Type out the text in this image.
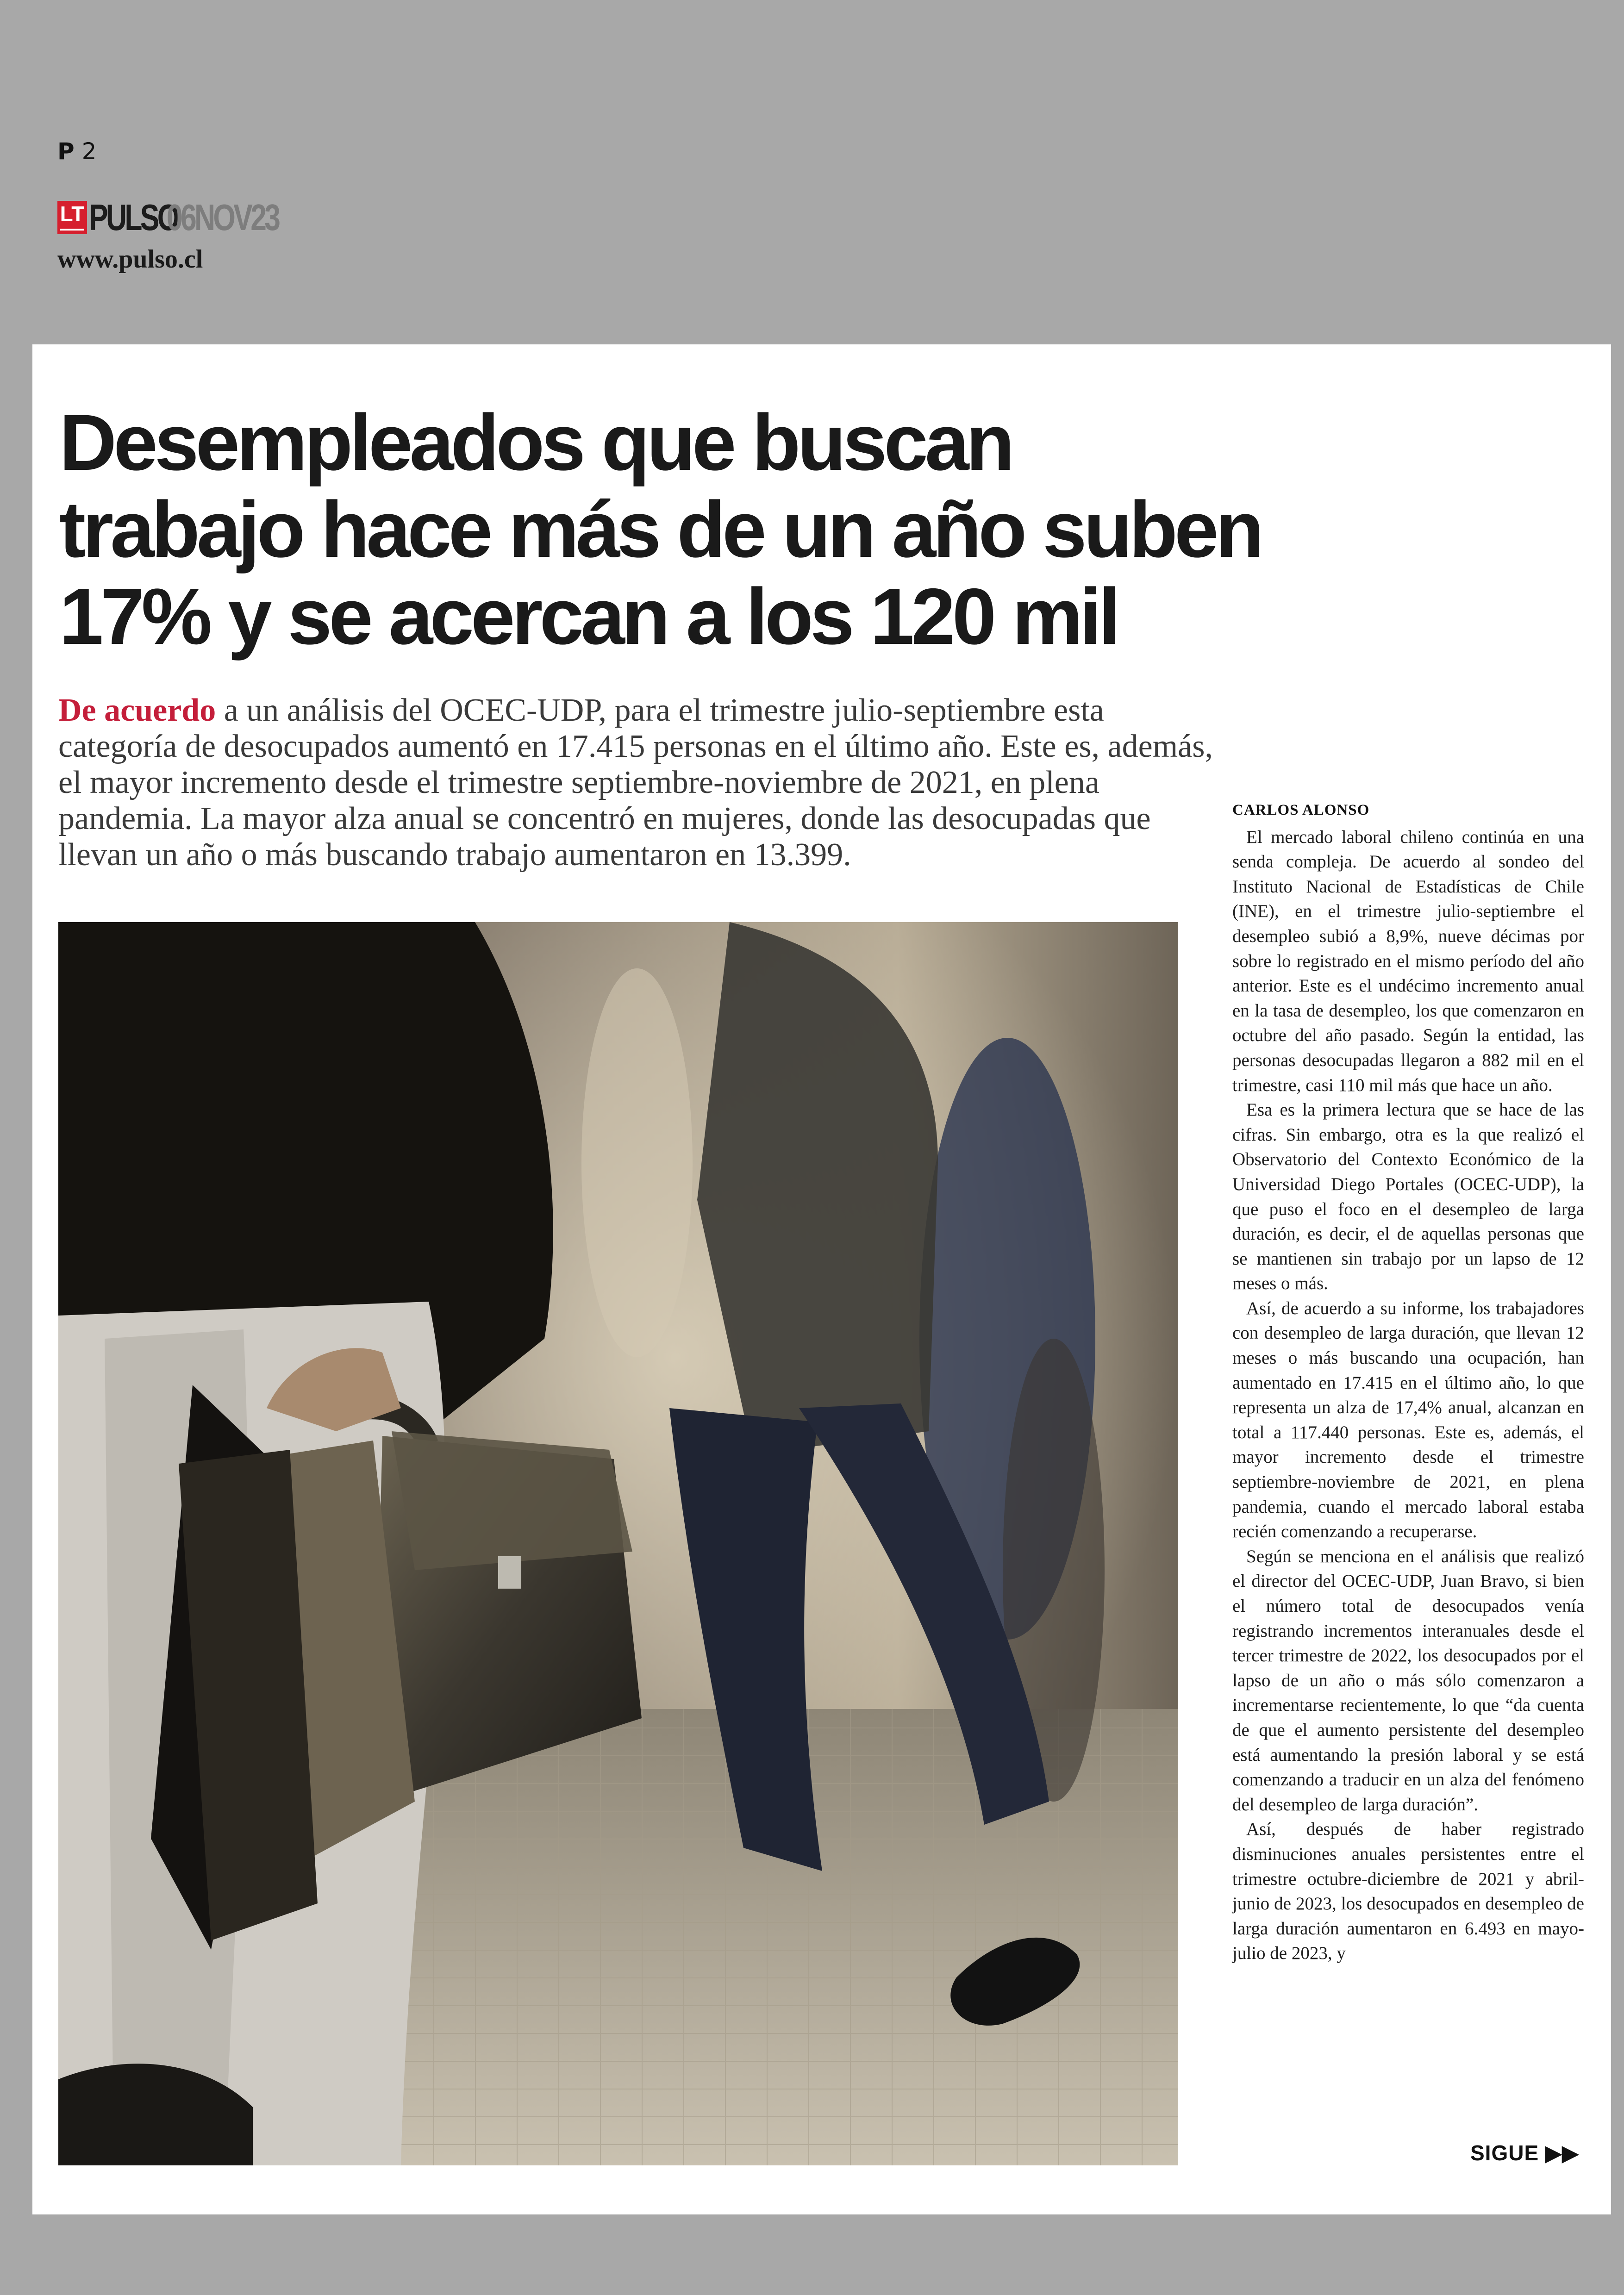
P 2
LT PULSO
06NOV23
www.pulso.cl
Desempleados que buscan trabajo hace más de un año suben 17% y se acercan a los 120 mil

De acuerdo a un análisis del OCEC-UDP, para el trimestre julio-septiembre esta categoría de desocupados aumentó en 17.415 personas en el último año. Este es, además, el mayor incremento desde el trimestre septiembre-noviembre de 2021, en plena pandemia. La mayor alza anual se concentró en mujeres, donde las desocupadas que llevan un año o más buscando trabajo aumentaron en 13.399.

CARLOS ALONSO

El mercado laboral chileno continúa en una senda compleja. De acuerdo al sondeo del Instituto Nacional de Estadísticas de Chile (INE), en el trimestre julio-septiembre el desempleo subió a 8,9%, nueve décimas por sobre lo registrado en el mismo período del año anterior. Este es el undécimo incremento anual en la tasa de desempleo, los que comenzaron en octubre del año pasado. Según la entidad, las personas desocupadas llegaron a 882 mil en el trimestre, casi 110 mil más que hace un año.

Esa es la primera lectura que se hace de las cifras. Sin embargo, otra es la que realizó el Observatorio del Contexto Económico de la Universidad Diego Portales (OCEC-UDP), la que puso el foco en el desempleo de larga duración, es decir, el de aquellas personas que se mantienen sin trabajo por un lapso de 12 meses o más.

Así, de acuerdo a su informe, los trabajadores con desempleo de larga duración, que llevan 12 meses o más buscando una ocupación, han aumentado en 17.415 en el último año, lo que representa un alza de 17,4% anual, alcanzan en total a 117.440 personas. Este es, además, el mayor incremento desde el trimestre septiembre-noviembre de 2021, en plena pandemia, cuando el mercado laboral estaba recién comenzando a recuperarse.

Según se menciona en el análisis que realizó el director del OCEC-UDP, Juan Bravo, si bien el número total de desocupados venía registrando incrementos interanuales desde el tercer trimestre de 2022, los desocupados por el lapso de un año o más sólo comenzaron a incrementarse recientemente, lo que “da cuenta de que el aumento persistente del desempleo está aumentando la presión laboral y se está comenzando a traducir en un alza del fenómeno del desempleo de larga duración”.

Así, después de haber registrado disminuciones anuales persistentes entre el trimestre octubre-diciembre de 2021 y abril-junio de 2023, los desocupados en desempleo de larga duración aumentaron en 6.493 en mayo-julio de 2023, y

SIGUE ▶▶
